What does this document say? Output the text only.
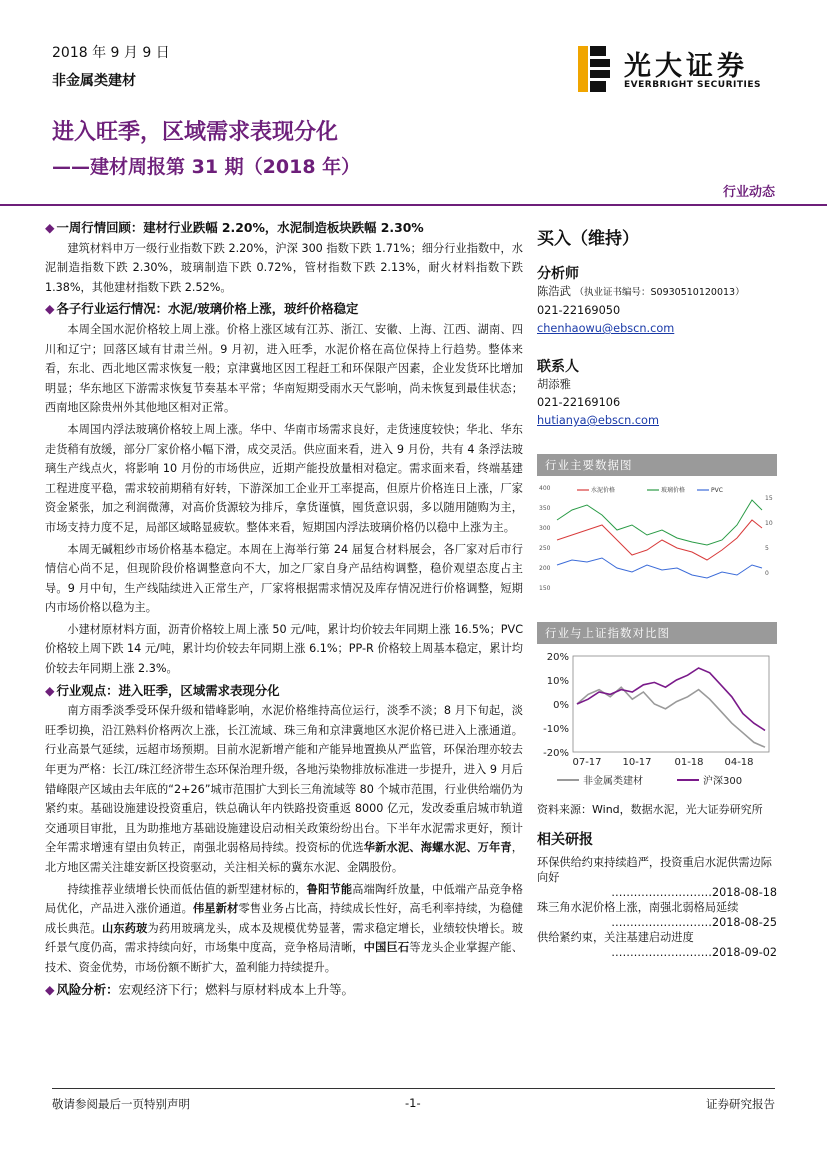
2018 年 9 月 9 日
非金属类建材
进入旺季，区域需求表现分化
——建材周报第 31 期（2018 年）
行业动态
光大证券
EVERBRIGHT SECURITIES
◆ 一周行情回顾：建材行业跌幅 2.20%，水泥制造板块跌幅 2.30%

建筑材料申万一级行业指数下跌 2.20%，沪深 300 指数下跌 1.71%；细分行业指数中，水泥制造指数下跌 2.30%，玻璃制造下跌 0.72%，管材指数下跌 2.13%，耐火材料指数下跌 1.38%，其他建材指数下跌 2.52%。

◆ 各子行业运行情况：水泥/玻璃价格上涨，玻纤价格稳定

本周全国水泥价格较上周上涨。价格上涨区域有江苏、浙江、安徽、上海、江西、湖南、四川和辽宁；回落区域有甘肃兰州。9 月初，进入旺季，水泥价格在高位保持上行趋势。整体来看，东北、西北地区需求恢复一般；京津冀地区因工程赶工和环保限产因素，企业发货环比增加明显；华东地区下游需求恢复节奏基本平常；华南短期受雨水天气影响，尚未恢复到最佳状态；西南地区除贵州外其他地区相对正常。

本周国内浮法玻璃价格较上周上涨。华中、华南市场需求良好，走货速度较快；华北、华东走货稍有放缓，部分厂家价格小幅下滑，成交灵活。供应面来看，进入 9 月份，共有 4 条浮法玻璃生产线点火，将影响 10 月份的市场供应，近期产能投放量相对稳定。需求面来看，终端基建工程进度平稳，需求较前期稍有好转，下游深加工企业开工率提高，但原片价格连日上涨，厂家资金紧张，加之利润微薄，对高价货源较为排斥，拿货谨慎，囤货意识弱，多以随用随购为主，市场支持力度不足，局部区域略显疲软。整体来看，短期国内浮法玻璃价格仍以稳中上涨为主。

本周无碱粗纱市场价格基本稳定。本周在上海举行第 24 届复合材料展会，各厂家对后市行情信心尚不足，但现阶段价格调整意向不大，加之厂家自身产品结构调整，稳价观望态度占主导。9 月中旬，生产线陆续进入正常生产，厂家将根据需求情况及库存情况进行价格调整，短期内市场价格以稳为主。

小建材原材料方面，沥青价格较上周上涨 50 元/吨，累计均价较去年同期上涨 16.5%；PVC 价格较上周下跌 14 元/吨，累计均价较去年同期上涨 6.1%；PP-R 价格较上周基本稳定，累计均价较去年同期上涨 2.3%。

◆ 行业观点：进入旺季，区域需求表现分化

南方雨季淡季受环保升级和错峰影响，水泥价格维持高位运行，淡季不淡；8 月下旬起，淡旺季切换，沿江熟料价格两次上涨，长江流域、珠三角和京津冀地区水泥价格已进入上涨通道。行业高景气延续，远超市场预期。目前水泥新增产能和产能异地置换从严监管，环保治理亦较去年更为严格：长江/珠江经济带生态环保治理升级，各地污染物排放标准进一步提升，进入 9 月后错峰限产区域由去年底的“2+26”城市范围扩大到长三角流域等 80 个城市范围，行业供给端仍为紧约束。基础设施建设投资重启，铁总确认年内铁路投资重返 8000 亿元，发改委重启城市轨道交通项目审批，且为助推地方基础设施建设启动相关政策纷纷出台。下半年水泥需求更好，预计全年需求增速有望由负转正，南强北弱格局持续。投资标的优选华新水泥、海螺水泥、万年青，北方地区需关注雄安新区投资驱动，关注相关标的冀东水泥、金隅股份。

持续推荐业绩增长快而低估值的新型建材标的，鲁阳节能高端陶纤放量，中低端产品竞争格局优化，产品进入涨价通道。伟星新材零售业务占比高，持续成长性好，高毛利率持续，为稳健成长典范。山东药玻为药用玻璃龙头，成本及规模优势显著，需求稳定增长，业绩较快增长。玻纤景气度仍高，需求持续向好，市场集中度高，竞争格局清晰，中国巨石等龙头企业掌握产能、技术、资金优势，市场份额不断扩大，盈利能力持续提升。

◆ 风险分析：宏观经济下行；燃料与原材料成本上升等。
买入（维持）
分析师
陈浩武 （执业证书编号：S0930510120013）
021-22169050
chenhaowu@ebscn.com
联系人
胡添雅
021-22169106
hutianya@ebscn.com
行业主要数据图
400
350
300
250
200
150
15
10
5
0
水泥价格	玻璃价格	PVC
行业与上证指数对比图
20%
10%
0%
-10%
-20%
07-17 10-17 01-18 04-18
非金属类建材	沪深300
资料来源：Wind，数据水泥，光大证券研究所
相关研报
环保供给约束持续趋严，投资重启水泥供需边际向好
………………………2018-08-18
珠三角水泥价格上涨，南强北弱格局延续
………………………2018-08-25
供给紧约束，关注基建启动进度
………………………2018-09-02
敬请参阅最后一页特别声明	-1-	证券研究报告
